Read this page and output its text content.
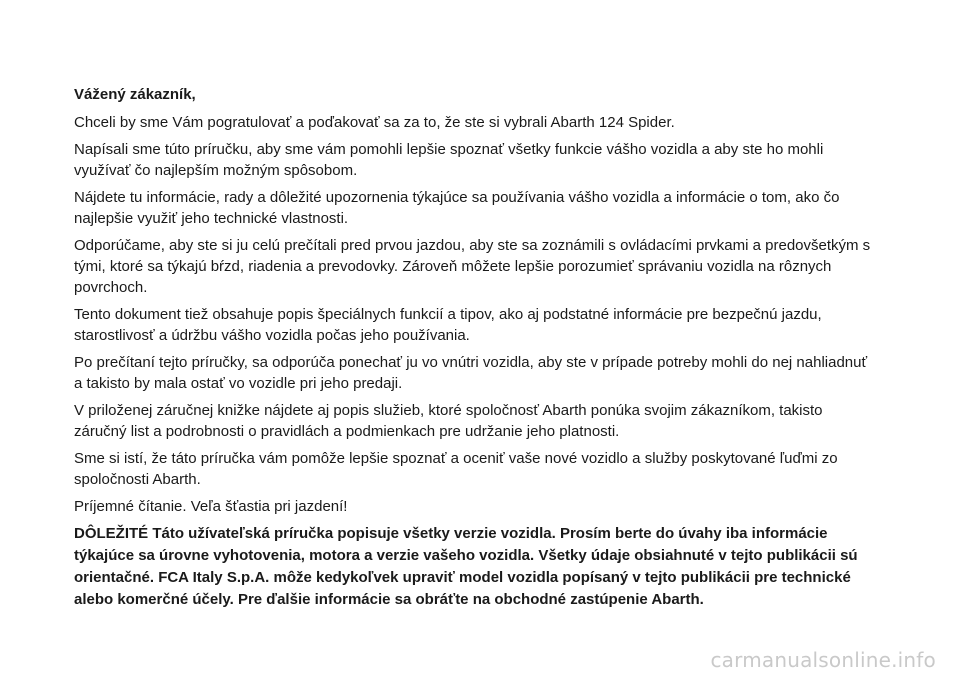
Vážený zákazník,

Chceli by sme Vám pogratulovať a poďakovať sa za to, že ste si vybrali Abarth 124 Spider.

Napísali sme túto príručku, aby sme vám pomohli lepšie spoznať všetky funkcie vášho vozidla a aby ste ho mohli využívať čo najlepším možným spôsobom.

Nájdete tu informácie, rady a dôležité upozornenia týkajúce sa používania vášho vozidla a informácie o tom, ako čo najlepšie využiť jeho technické vlastnosti.

Odporúčame, aby ste si ju celú prečítali pred prvou jazdou, aby ste sa zoznámili s ovládacími prvkami a predovšetkým s tými, ktoré sa týkajú bŕzd, riadenia a prevodovky. Zároveň môžete lepšie porozumieť správaniu vozidla na rôznych povrchoch.

Tento dokument tiež obsahuje popis špeciálnych funkcií a tipov, ako aj podstatné informácie pre bezpečnú jazdu, starostlivosť a údržbu vášho vozidla počas jeho používania.

Po prečítaní tejto príručky, sa odporúča ponechať ju vo vnútri vozidla, aby ste v prípade potreby mohli do nej nahliadnuť a takisto by mala ostať vo vozidle pri jeho predaji.

V priloženej záručnej knižke nájdete aj popis služieb, ktoré spoločnosť Abarth ponúka svojim zákazníkom, takisto záručný list a podrobnosti o pravidlách a podmienkach pre udržanie jeho platnosti.

Sme si istí, že táto príručka vám pomôže lepšie spoznať a oceniť vaše nové vozidlo a služby poskytované ľuďmi zo spoločnosti Abarth.

Príjemné čítanie. Veľa šťastia pri jazdení!

DÔLEŽITÉ Táto užívateľská príručka popisuje všetky verzie vozidla. Prosím berte do úvahy iba informácie týkajúce sa úrovne vyhotovenia, motora a verzie vašeho vozidla. Všetky údaje obsiahnuté v tejto publikácii sú orientačné. FCA Italy S.p.A. môže kedykoľvek upraviť model vozidla popísaný v tejto publikácii pre technické alebo komerčné účely. Pre ďalšie informácie sa obráťte na obchodné zastúpenie Abarth.

carmanualsonline.info
